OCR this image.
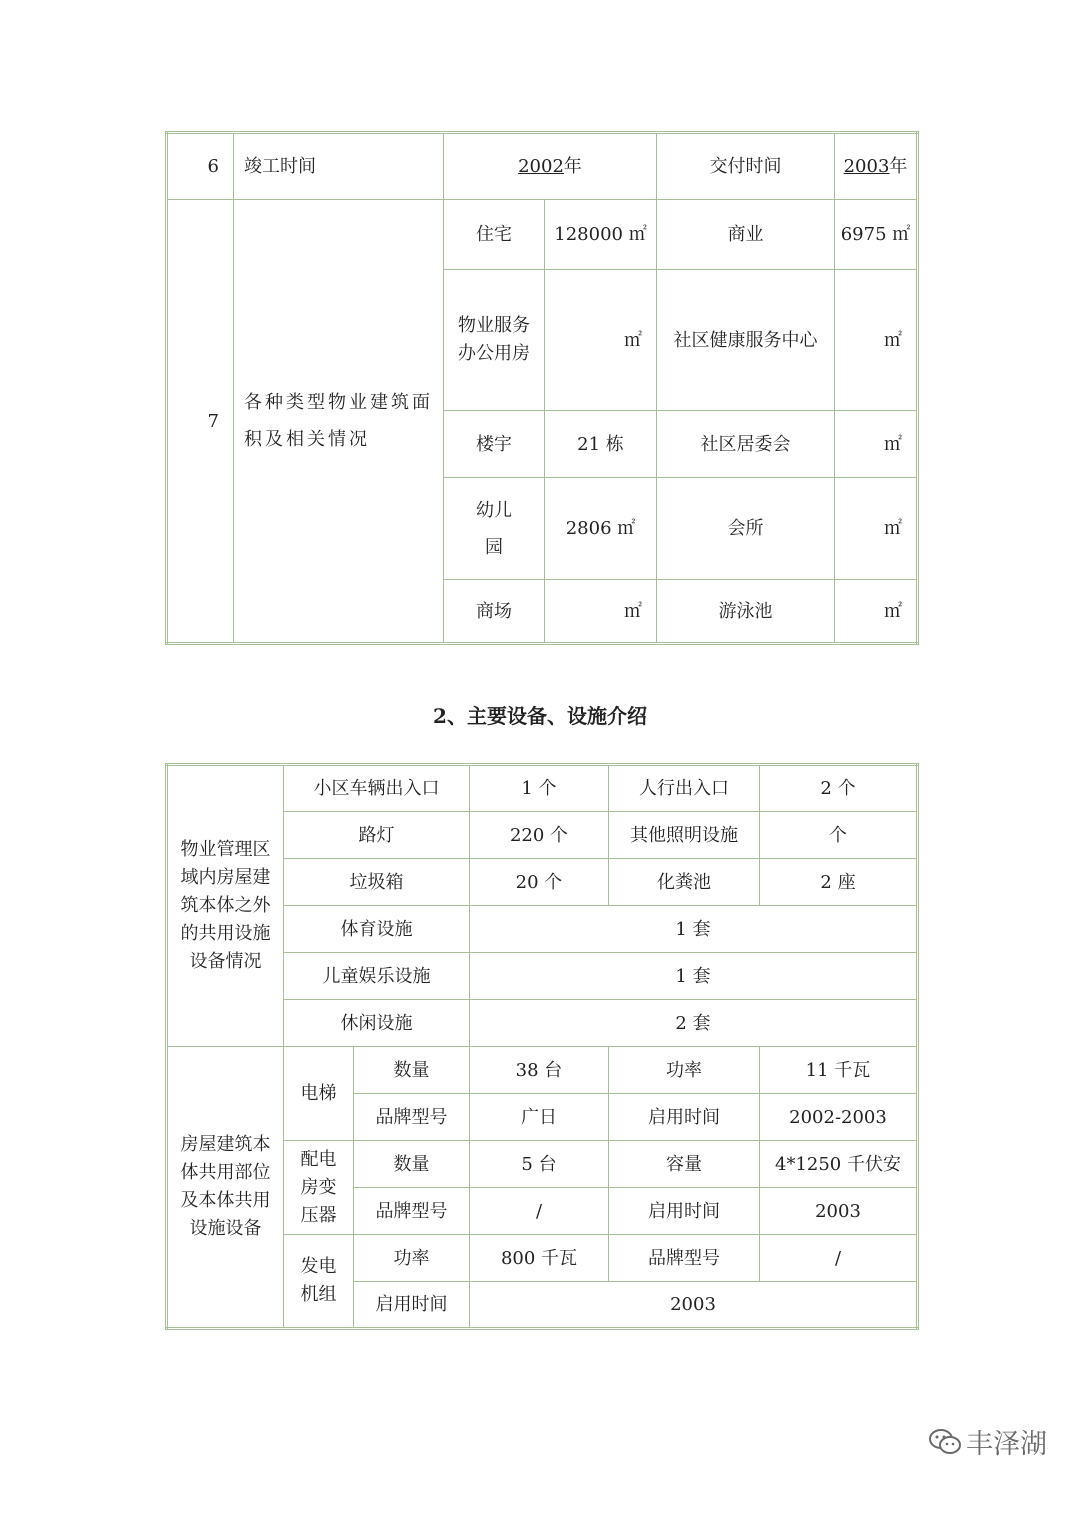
6	竣工时间	2002年		交付时间	2003年
7	各种类型物业建筑面积及相关情况	住宅	128000 ㎡	商业	6975 ㎡
		物业服务办公用房	㎡	社区健康服务中心	㎡
		楼宇	21 栋	社区居委会	㎡
		幼儿园	2806 ㎡	会所	㎡
		商场	㎡	游泳池	㎡
2、主要设备、设施介绍
物业管理区域内房屋建筑本体之外的共用设施设备情况	小区车辆出入口		1 个	人行出入口	2 个
	路灯		220 个	其他照明设施	个
	垃圾箱		20 个	化粪池	2 座
	体育设施		1 套		
	儿童娱乐设施		1 套		
	休闲设施		2 套		
房屋建筑本体共用部位及本体共用设施设备	电梯	数量	38 台	功率	11 千瓦
		品牌型号	广日	启用时间	2002-2003
	配电房变压器	数量	5 台	容量	4*1250 千伏安
		品牌型号	/	启用时间	2003
	发电机组	功率	800 千瓦	品牌型号	/
		启用时间	2003		
丰泽湖
